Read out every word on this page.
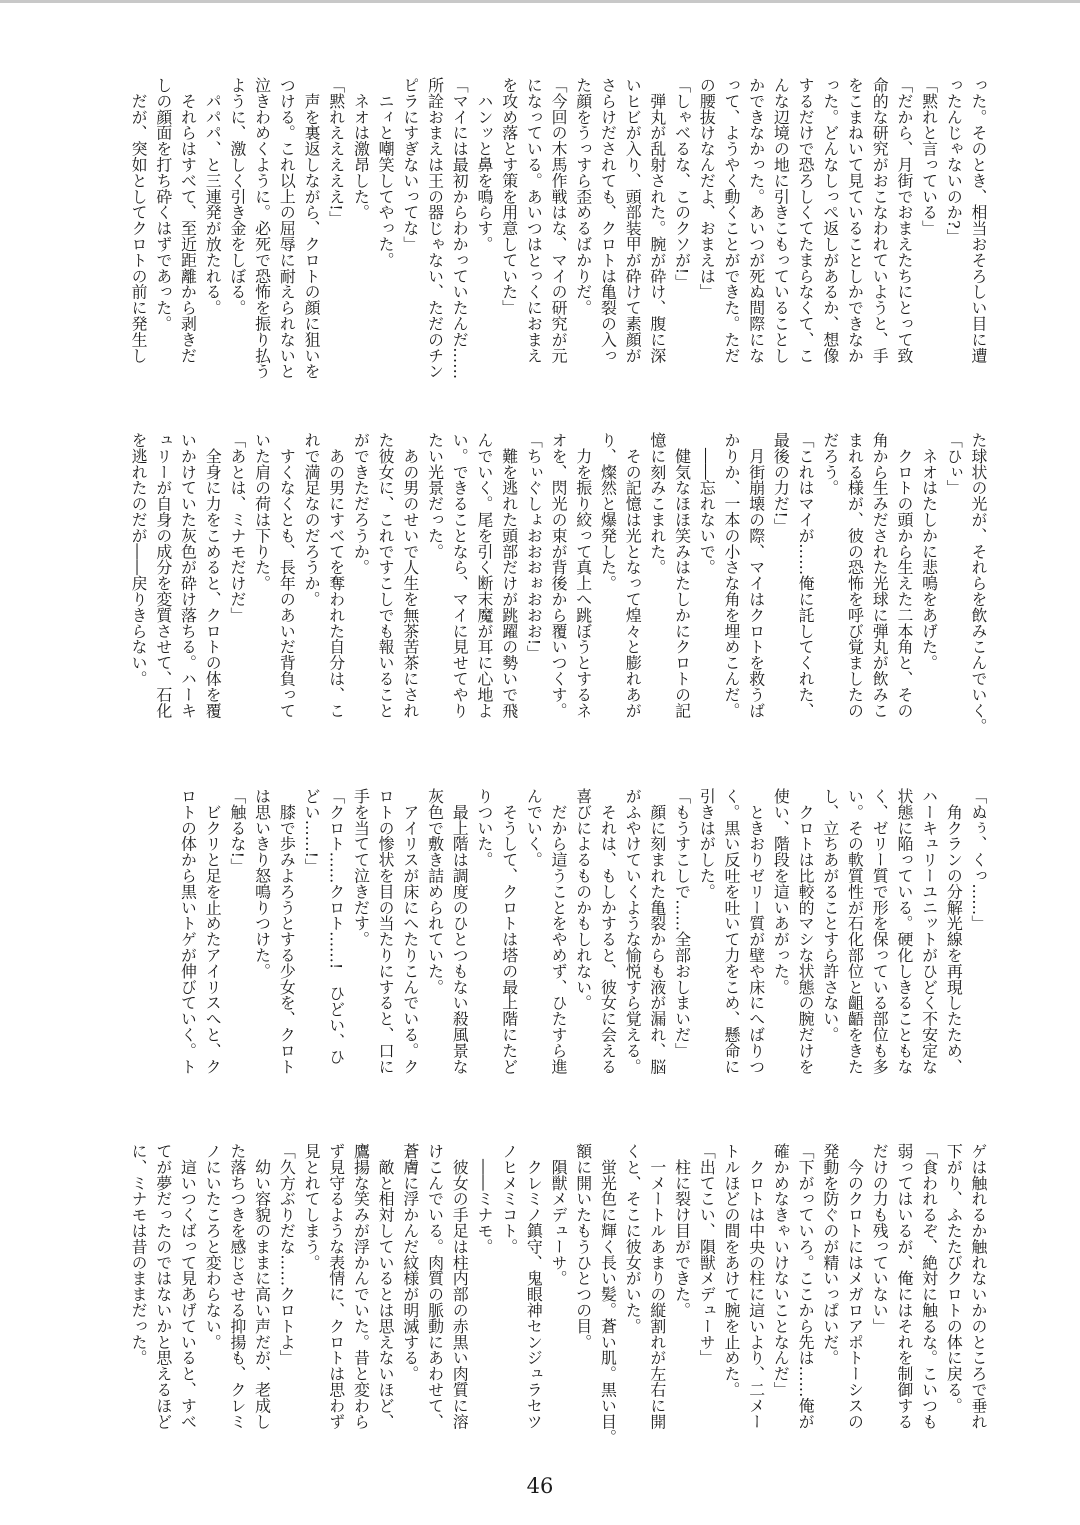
った。そのとき、相当おそろしい目に遭
ったんじゃないのか?」
「黙れと言っている」
「だから、月街でおまえたちにとって致
命的な研究がおこなわれていようと、手
をこまねいて見ていることしかできなか
った。どんなしっぺ返しがあるか、想像
するだけで恐ろしくてたまらなくて、こ
んな辺境の地に引きこもっていることし
かできなかった。あいつが死ぬ間際にな
って、ようやく動くことができた。ただ
の腰抜けなんだよ、おまえは」
「しゃべるな、このクソが!」
　弾丸が乱射された。腕が砕け、腹に深
いヒビが入り、頭部装甲が砕けて素顔が
さらけだされても、クロトは亀裂の入っ
た顔をうっすら歪めるばかりだ。
「今回の木馬作戦はな、マイの研究が元
になっている。あいつはとっくにおまえ
を攻め落とす策を用意していた」
　ハンッと鼻を鳴らす。
「マイには最初からわかっていたんだ……
所詮おまえは王の器じゃない、ただのチン
ピラにすぎないってな」
　ニィと嘲笑してやった。
　ネオは激昂した。
「黙れえええええ!」
　声を裏返しながら、クロトの顔に狙いを
つける。これ以上の屈辱に耐えられないと
泣きわめくように。必死で恐怖を振り払う
ように、激しく引き金をしぼる。
　パパパ、と三連発が放たれる。
　それらはすべて、至近距離から剥きだ
しの顔面を打ち砕くはずであった。
　だが、突如としてクロトの前に発生し
た球状の光が、それらを飲みこんでいく。
「ひぃ」
　ネオはたしかに悲鳴をあげた。
　クロトの頭から生えた二本角と、その
角から生みだされた光球に弾丸が飲みこ
まれる様が、彼の恐怖を呼び覚ましたの
だろう。
「これはマイが……俺に託してくれた、
最後の力だ!」
　月街崩壊の際、マイはクロトを救うば
かりか、一本の小さな角を埋めこんだ。
　――忘れないで。
　健気なほほ笑みはたしかにクロトの記
憶に刻みこまれた。
　その記憶は光となって煌々と膨れあが
り、燦然と爆発した。
　力を振り絞って真上へ跳ぼうとするネ
オを、閃光の束が背後から覆いつくす。
「ちぃぐしょおおおぉおおお!」
　難を逃れた頭部だけが跳躍の勢いで飛
んでいく。尾を引く断末魔が耳に心地よ
い。できることなら、マイに見せてやり
たい光景だった。
　あの男のせいで人生を無茶苦茶にされ
た彼女に、これですこしでも報いること
ができただろうか。
　あの男にすべてを奪われた自分は、こ
れで満足なのだろうか。
　すくなくとも、長年のあいだ背負って
いた肩の荷は下りた。
「あとは、ミナモだけだ」
　全身に力をこめると、クロトの体を覆
いかけていた灰色が砕け落ちる。ハーキ
ュリーが自身の成分を変質させて、石化
を逃れたのだが――戻りきらない。
「ぬぅ、くっ……」
　角クランの分解光線を再現したため、
ハーキュリーユニットがひどく不安定な
状態に陥っている。硬化しきることもな
く、ゼリー質で形を保っている部位も多
い。その軟質性が石化部位と齟齬をきた
し、立ちあがることすら許さない。
　クロトは比較的マシな状態の腕だけを
使い、階段を這いあがった。
　ときおりゼリー質が壁や床にへばりつ
く。黒い反吐を吐いて力をこめ、懸命に
引きはがした。
「もうすこしで……全部おしまいだ」
　顔に刻まれた亀裂からも液が漏れ、脳
がふやけていくような愉悦すら覚える。
　それは、もしかすると、彼女に会える
喜びによるものかもしれない。
　だから這うことをやめず、ひたすら進
んでいく。
　そうして、クロトは塔の最上階にたど
りついた。
　最上階は調度のひとつもない殺風景な
灰色で敷き詰められていた。
　アイリスが床にへたりこんでいる。ク
ロトの惨状を目の当たりにすると、口に
手を当てて泣きだす。
「クロト……クロト……!　ひどい、ひ
どい……!」
　膝で歩みよろうとする少女を、クロト
は思いきり怒鳴りつけた。
「触るな!」
　ビクリと足を止めたアイリスへと、ク
ロトの体から黒いトゲが伸びていく。ト
ゲは触れるか触れないかのところで垂れ
下がり、ふたたびクロトの体に戻る。
「食われるぞ、絶対に触るな。こいつも
弱ってはいるが、俺にはそれを制御する
だけの力も残っていない」
　今のクロトにはメガロアポトーシスの
発動を防ぐのが精いっぱいだ。
「下がっていろ。ここから先は……俺が
確かめなきゃいけないことなんだ」
　クロトは中央の柱に這いより、二メー
トルほどの間をあけて腕を止めた。
「出てこい、隕獣メデューサ」
　柱に裂け目ができた。
　一メートルあまりの縦割れが左右に開
くと、そこに彼女がいた。
　蛍光色に輝く長い髪。蒼い肌。黒い目。
額に開いたもうひとつの目。
　隕獣メデューサ。
　クレミノ鎮守、鬼眼神センジュラセツ
ノヒメミコト。
　――ミナモ。
　彼女の手足は柱内部の赤黒い肉質に溶
けこんでいる。肉質の脈動にあわせて、
蒼膚に浮かんだ紋様が明滅する。
　敵と相対しているとは思えないほど、
鷹揚な笑みが浮かんでいた。昔と変わら
ず見守るような表情に、クロトは思わず
見とれてしまう。
「久方ぶりだな……クロトよ」
　幼い容貌のままに高い声だが、老成し
た落ちつきを感じさせる抑揚も、クレミ
ノにいたころと変わらない。
　這いつくばって見あげていると、すべ
てが夢だったのではないかと思えるほど
に、ミナモは昔のままだった。
46
